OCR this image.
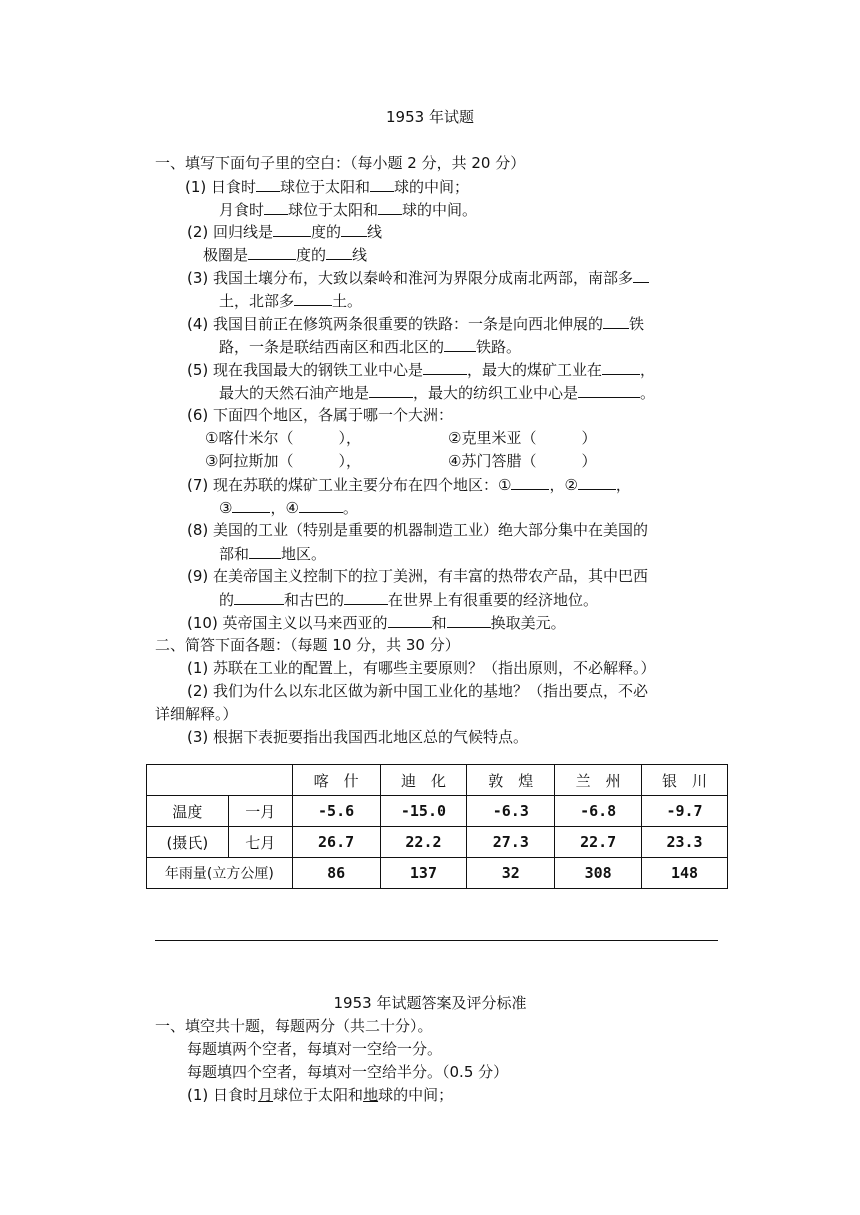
1953 年试题
一、填写下面句子里的空白：（每小题 2 分，共 20 分）
(1) 日食时 球位于太阳和 球的中间；
月食时 球位于太阳和 球的中间。
(2) 回归线是	度的 线
极圈是	度的 线
(3) 我国土壤分布，大致以秦岭和淮河为界限分成南北两部，南部多
土，北部多	土。
(4) 我国目前正在修筑两条很重要的铁路：一条是向西北伸展的 铁
路，一条是联结西南区和西北区的 铁路。
(5) 现在我国最大的钢铁工业中心是	，最大的煤矿工业在	，
最大的天然石油产地是	，最大的纺织工业中心是	。
(6) 下面四个地区，各属于哪一个大洲：
①喀什米尔（　　　），	②克里米亚（　　　）
③阿拉斯加（　　　），	④苏门答腊（　　　）
(7) 现在苏联的煤矿工业主要分布在四个地区：①	，②	，
③	，④	。
(8) 美国的工业（特别是重要的机器制造工业）绝大部分集中在美国的
部和 地区。
(9) 在美帝国主义控制下的拉丁美洲，有丰富的热带农产品，其中巴西
的	和古巴的	在世界上有很重要的经济地位。
(10) 英帝国主义以马来西亚的	和	换取美元。
二、简答下面各题：（每题 10 分，共 30 分）
(1) 苏联在工业的配置上，有哪些主要原则？（指出原则，不必解释。）
(2) 我们为什么以东北区做为新中国工业化的基地？（指出要点，不必
详细解释。）
(3) 根据下表扼要指出我国西北地区总的气候特点。
		喀　什	迪　化	敦　煌	兰　州	银　川
温度	一月	-5.6	-15.0	-6.3	-6.8	-9.7
(摄氏)	七月	26.7	22.2	27.3	22.7	23.3
年雨量(立方公厘)		86	137	32	308	148
1953 年试题答案及评分标准
一、填空共十题，每题两分（共二十分）。
每题填两个空者，每填对一空给一分。
每题填四个空者，每填对一空给半分。（0.5 分）
(1) 日食时月球位于太阳和地球的中间；
